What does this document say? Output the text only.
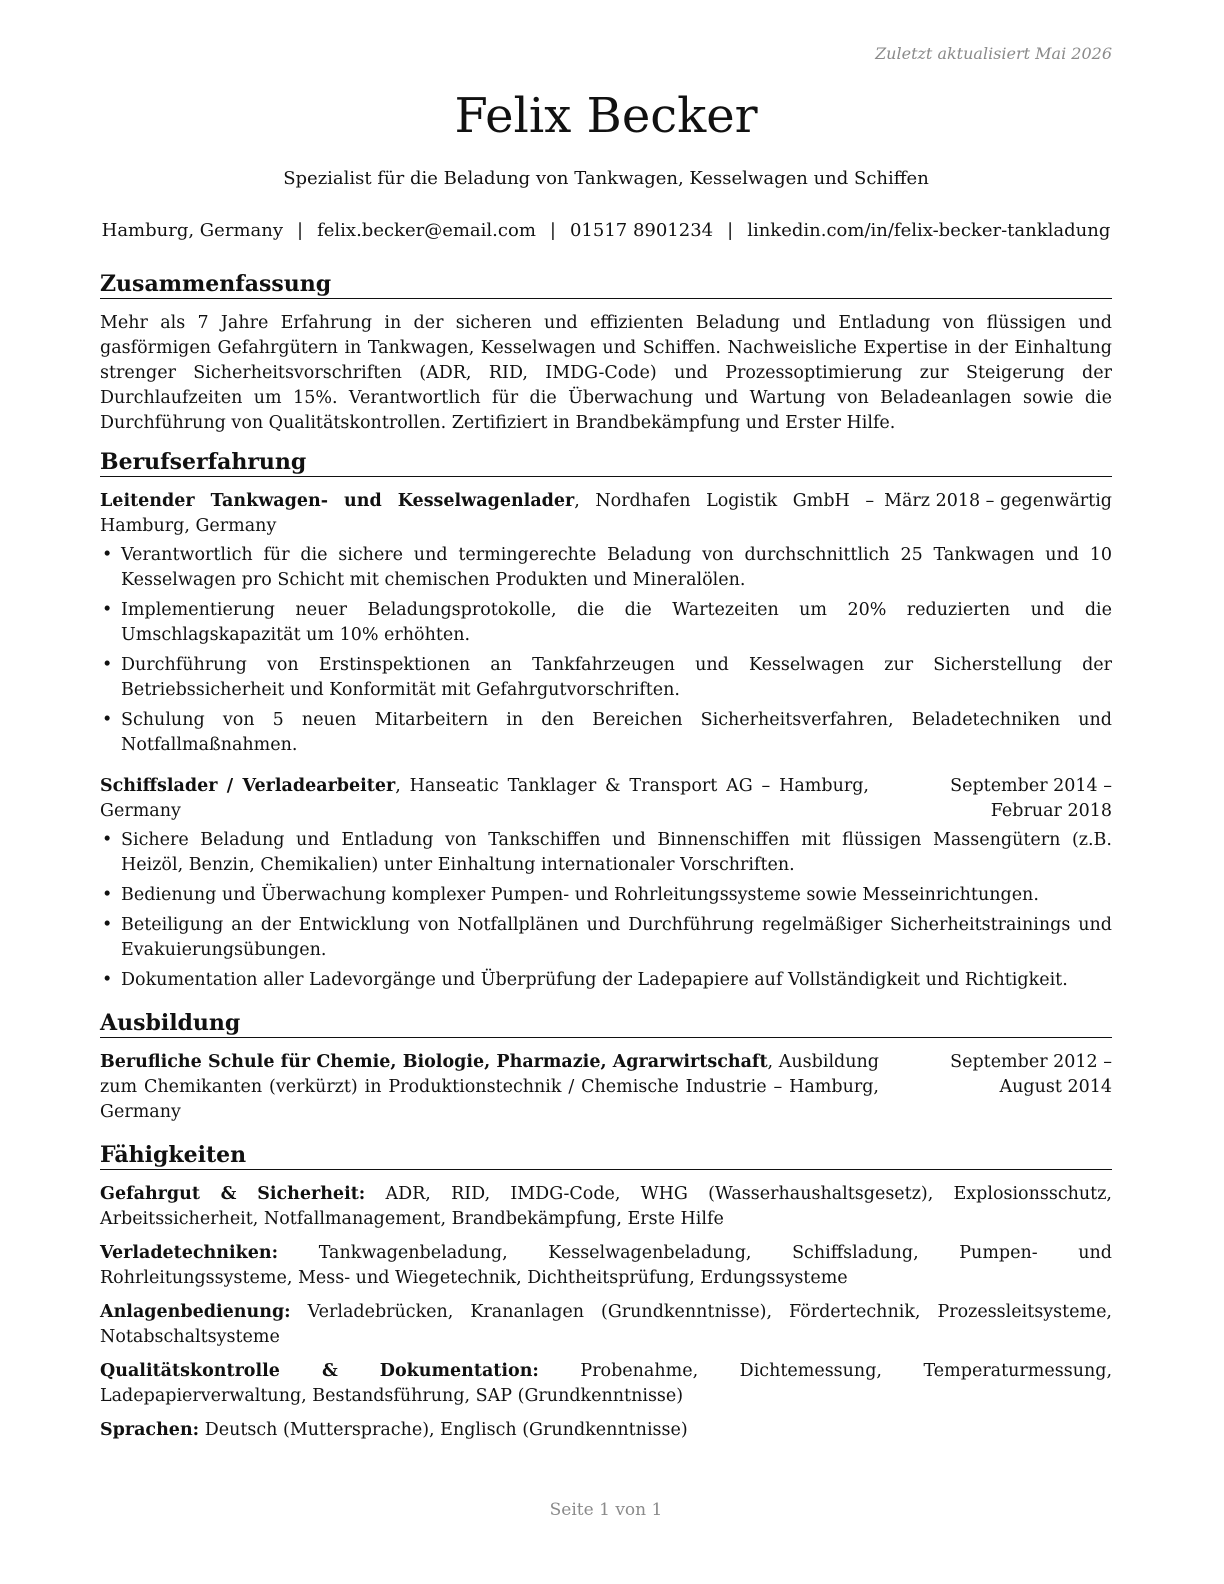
Zuletzt aktualisiert Mai 2026
Felix Becker
Spezialist für die Beladung von Tankwagen, Kesselwagen und Schiffen
Hamburg, Germany | felix.becker@email.com | 01517 8901234 | linkedin.com/in/felix-becker-tankladung
Zusammenfassung
Mehr als 7 Jahre Erfahrung in der sicheren und effizienten Beladung und Entladung von flüssigen und gasförmigen Gefahrgütern in Tankwagen, Kesselwagen und Schiffen. Nachweisliche Expertise in der Einhaltung strenger Sicherheitsvorschriften (ADR, RID, IMDG-Code) und Prozessoptimierung zur Steigerung der Durchlaufzeiten um 15%. Verantwortlich für die Überwachung und Wartung von Beladeanlagen sowie die Durchführung von Qualitätskontrollen. Zertifiziert in Brandbekämpfung und Erster Hilfe.
Berufserfahrung
Leitender Tankwagen- und Kesselwagenlader, Nordhafen Logistik GmbH – Hamburg, Germany
März 2018 – gegenwärtig
• Verantwortlich für die sichere und termingerechte Beladung von durchschnittlich 25 Tankwagen und 10 Kesselwagen pro Schicht mit chemischen Produkten und Mineralölen.
• Implementierung neuer Beladungsprotokolle, die die Wartezeiten um 20% reduzierten und die Umschlagskapazität um 10% erhöhten.
• Durchführung von Erstinspektionen an Tankfahrzeugen und Kesselwagen zur Sicherstellung der Betriebssicherheit und Konformität mit Gefahrgutvorschriften.
• Schulung von 5 neuen Mitarbeitern in den Bereichen Sicherheitsverfahren, Beladetechniken und Notfallmaßnahmen.
Schiffslader / Verladearbeiter, Hanseatic Tanklager & Transport AG – Hamburg, Germany
September 2014 – Februar 2018
• Sichere Beladung und Entladung von Tankschiffen und Binnenschiffen mit flüssigen Massengütern (z.B. Heizöl, Benzin, Chemikalien) unter Einhaltung internationaler Vorschriften.
• Bedienung und Überwachung komplexer Pumpen- und Rohrleitungssysteme sowie Messeinrichtungen.
• Beteiligung an der Entwicklung von Notfallplänen und Durchführung regelmäßiger Sicherheitstrainings und Evakuierungsübungen.
• Dokumentation aller Ladevorgänge und Überprüfung der Ladepapiere auf Vollständigkeit und Richtigkeit.
Ausbildung
Berufliche Schule für Chemie, Biologie, Pharmazie, Agrarwirtschaft, Ausbildung zum Chemikanten (verkürzt) in Produktionstechnik / Chemische Industrie – Hamburg, Germany
September 2012 – August 2014
Fähigkeiten
Gefahrgut & Sicherheit: ADR, RID, IMDG-Code, WHG (Wasserhaushaltsgesetz), Explosionsschutz, Arbeitssicherheit, Notfallmanagement, Brandbekämpfung, Erste Hilfe
Verladetechniken: Tankwagenbeladung, Kesselwagenbeladung, Schiffsladung, Pumpen- und Rohrleitungssysteme, Mess- und Wiegetechnik, Dichtheitsprüfung, Erdungssysteme
Anlagenbedienung: Verladebrücken, Krananlagen (Grundkenntnisse), Fördertechnik, Prozessleitsysteme, Notabschaltsysteme
Qualitätskontrolle & Dokumentation: Probenahme, Dichtemessung, Temperaturmessung, Ladepapierverwaltung, Bestandsführung, SAP (Grundkenntnisse)
Sprachen: Deutsch (Muttersprache), Englisch (Grundkenntnisse)
Seite 1 von 1
